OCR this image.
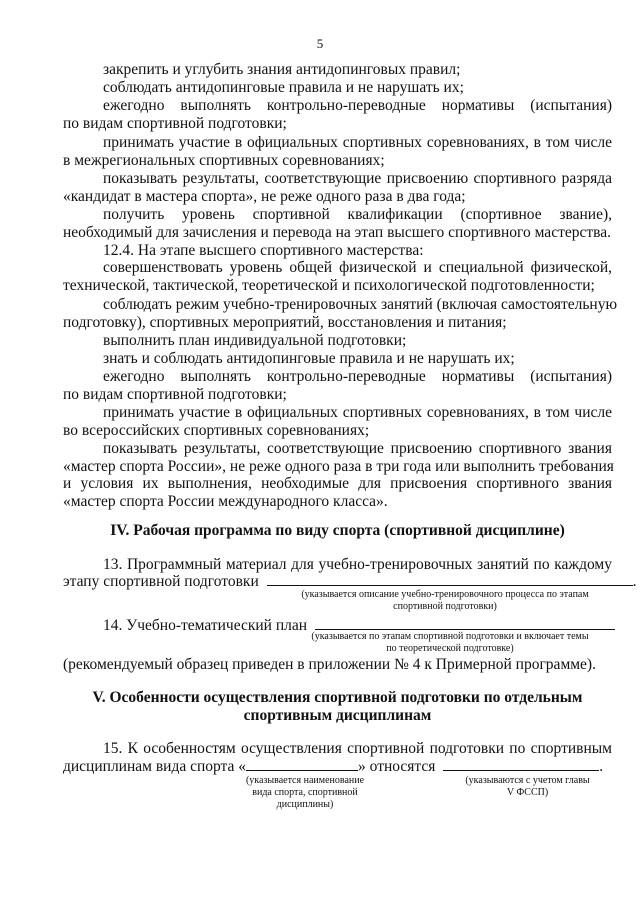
5
закрепить и углубить знания антидопинговых правил;
соблюдать антидопинговые правила и не нарушать их;
ежегодно выполнять контрольно-переводные нормативы (испытания)
по видам спортивной подготовки;
принимать участие в официальных спортивных соревнованиях, в том числе
в межрегиональных спортивных соревнованиях;
показывать результаты, соответствующие присвоению спортивного разряда
«кандидат в мастера спорта», не реже одного раза в два года;
получить уровень спортивной квалификации (спортивное звание),
необходимый для зачисления и перевода на этап высшего спортивного мастерства.
12.4. На этапе высшего спортивного мастерства:
совершенствовать уровень общей физической и специальной физической,
технической, тактической, теоретической и психологической подготовленности;
соблюдать режим учебно-тренировочных занятий (включая самостоятельную
подготовку), спортивных мероприятий, восстановления и питания;
выполнить план индивидуальной подготовки;
знать и соблюдать антидопинговые правила и не нарушать их;
ежегодно выполнять контрольно-переводные нормативы (испытания)
по видам спортивной подготовки;
принимать участие в официальных спортивных соревнованиях, в том числе
во всероссийских спортивных соревнованиях;
показывать результаты, соответствующие присвоению спортивного звания
«мастер спорта России», не реже одного раза в три года или выполнить требования
и условия их выполнения, необходимые для присвоения спортивного звания
«мастер спорта России международного класса».
IV. Рабочая программа по виду спорта (спортивной дисциплине)
13. Программный материал для учебно-тренировочных занятий по каждому
этапу спортивной подготовки	.
(указывается описание учебно-тренировочного процесса по этапам
спортивной подготовки)
14. Учебно-тематический план
(указывается по этапам спортивной подготовки и включает темы
по теоретической подготовке)
(рекомендуемый образец приведен в приложении № 4 к Примерной программе).
V. Особенности осуществления спортивной подготовки по отдельным
спортивным дисциплинам
15. К особенностям осуществления спортивной подготовки по спортивным
дисциплинам вида спорта «	» относятся	.
(указывается наименование
вида спорта, спортивной
дисциплины)
(указываются с учетом главы
V ФССП)
